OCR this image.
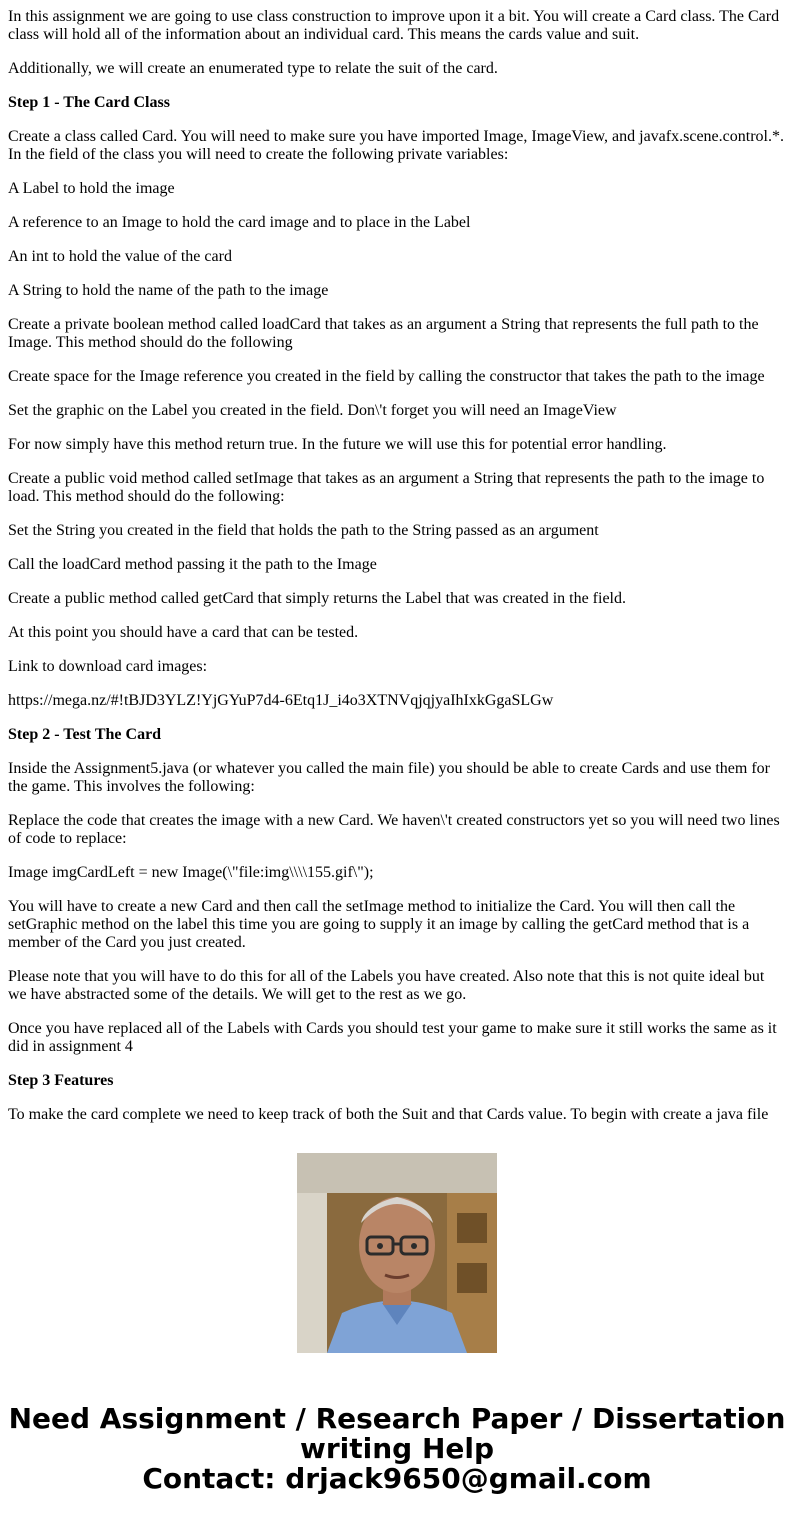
In this assignment we are going to use class construction to improve upon it a bit. You will create a Card class. The Card class will hold all of the information about an individual card. This means the cards value and suit.

Additionally, we will create an enumerated type to relate the suit of the card.

Step 1 - The Card Class

Create a class called Card. You will need to make sure you have imported Image, ImageView, and javafx.scene.control.*. In the field of the class you will need to create the following private variables:

A Label to hold the image

A reference to an Image to hold the card image and to place in the Label

An int to hold the value of the card

A String to hold the name of the path to the image

Create a private boolean method called loadCard that takes as an argument a String that represents the full path to the Image. This method should do the following

Create space for the Image reference you created in the field by calling the constructor that takes the path to the image

Set the graphic on the Label you created in the field. Don\'t forget you will need an ImageView

For now simply have this method return true. In the future we will use this for potential error handling.

Create a public void method called setImage that takes as an argument a String that represents the path to the image to load. This method should do the following:

Set the String you created in the field that holds the path to the String passed as an argument

Call the loadCard method passing it the path to the Image

Create a public method called getCard that simply returns the Label that was created in the field.

At this point you should have a card that can be tested.

Link to download card images:

https://mega.nz/#!tBJD3YLZ!YjGYuP7d4-6Etq1J_i4o3XTNVqjqjyaIhIxkGgaSLGw

Step 2 - Test The Card

Inside the Assignment5.java (or whatever you called the main file) you should be able to create Cards and use them for the game. This involves the following:

Replace the code that creates the image with a new Card. We haven\'t created constructors yet so you will need two lines of code to replace:

Image imgCardLeft = new Image(\"file:img\\\\155.gif\");

You will have to create a new Card and then call the setImage method to initialize the Card. You will then call the setGraphic method on the label this time you are going to supply it an image by calling the getCard method that is a member of the Card you just created.

Please note that you will have to do this for all of the Labels you have created. Also note that this is not quite ideal but we have abstracted some of the details. We will get to the rest as we go.

Once you have replaced all of the Labels with Cards you should test your game to make sure it still works the same as it did in assignment 4

Step 3 Features

To make the card complete we need to keep track of both the Suit and that Cards value. To begin with create a java file

Need Assignment / Research Paper / Dissertation
writing Help
Contact: drjack9650@gmail.com
